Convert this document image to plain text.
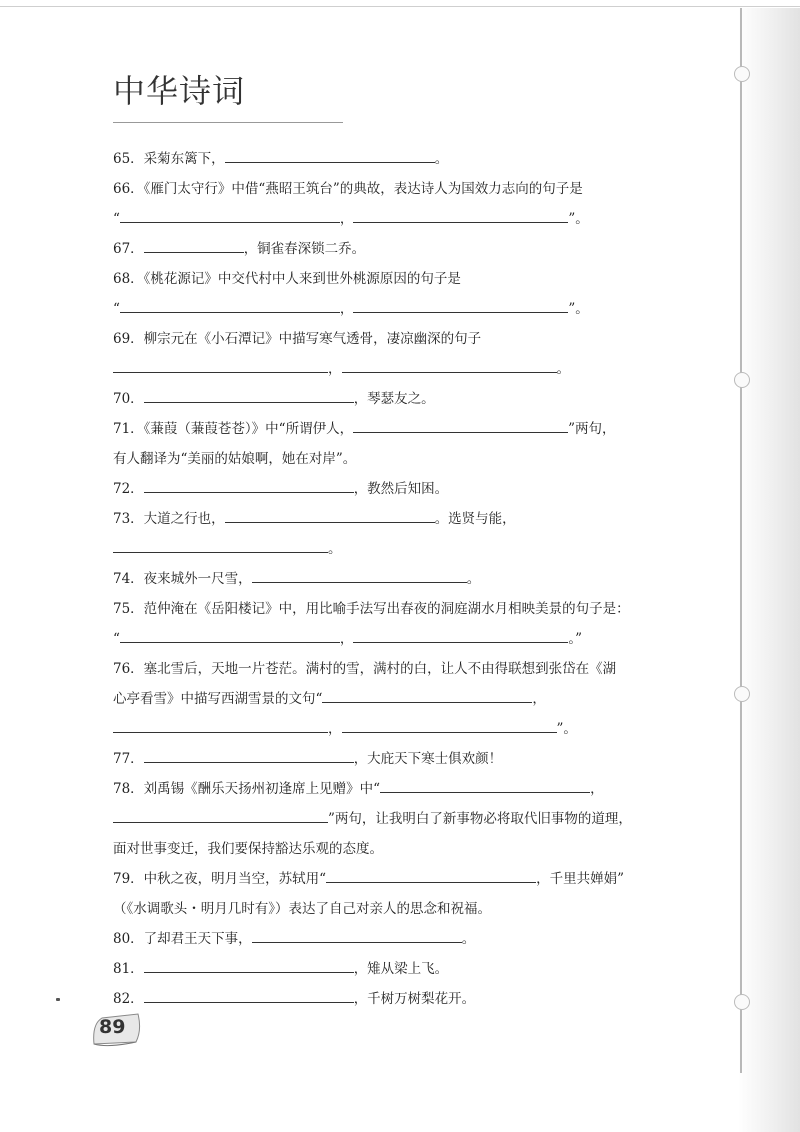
中华诗词
65．采菊东篱下，	。
66．《雁门太守行》中借“燕昭王筑台”的典故，表达诗人为国效力志向的句子是
“	，	”。
67．	，铜雀春深锁二乔。
68．《桃花源记》中交代村中人来到世外桃源原因的句子是
“	，	”。
69．柳宗元在《小石潭记》中描写寒气透骨，凄凉幽深的句子
，	。
70．	，琴瑟友之。
71．《蒹葭（蒹葭苍苍）》中“所谓伊人，	”两句，
有人翻译为“美丽的姑娘啊，她在对岸”。
72．	，教然后知困。
73．大道之行也，	。选贤与能，
。
74．夜来城外一尺雪，	。
75．范仲淹在《岳阳楼记》中，用比喻手法写出春夜的洞庭湖水月相映美景的句子是：
“	，	。”
76．塞北雪后，天地一片苍茫。满村的雪，满村的白，让人不由得联想到张岱在《湖
心亭看雪》中描写西湖雪景的文句“	，
，	”。
77．	，大庇天下寒士俱欢颜！
78．刘禹锡《酬乐天扬州初逢席上见赠》中“	，
”两句，让我明白了新事物必将取代旧事物的道理，
面对世事变迁，我们要保持豁达乐观的态度。
79．中秋之夜，明月当空，苏轼用“	，千里共婵娟”
（《水调歌头・明月几时有》）表达了自己对亲人的思念和祝福。
80．了却君王天下事，	。
81．	，雉从梁上飞。
82．	，千树万树梨花开。
89
